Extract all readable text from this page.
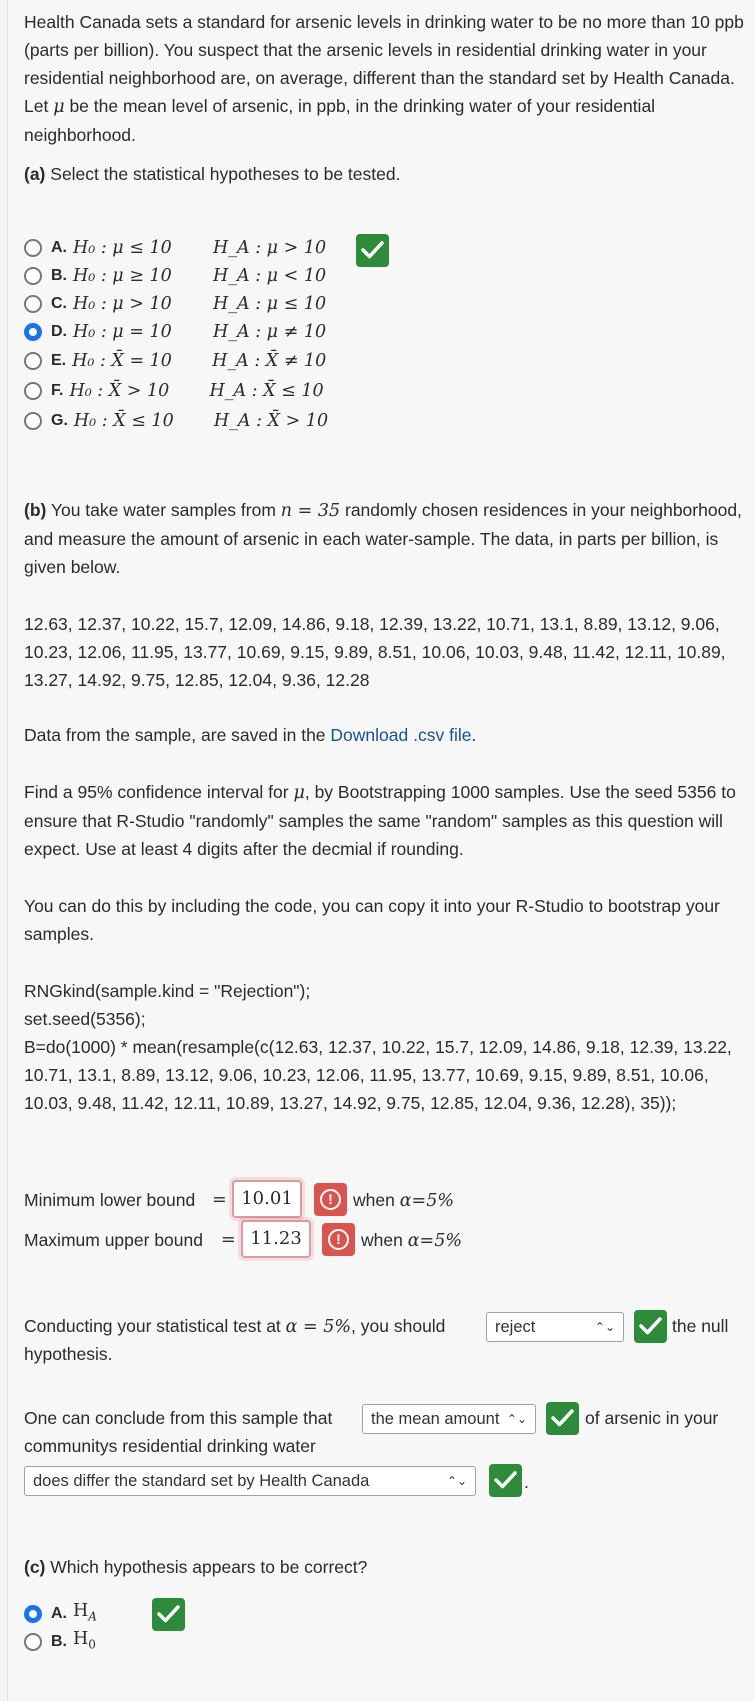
Health Canada sets a standard for arsenic levels in drinking water to be no more than 10 ppb (parts per billion). You suspect that the arsenic levels in residential drinking water in your residential neighborhood are, on average, different than the standard set by Health Canada. Let μ be the mean level of arsenic, in ppb, in the drinking water of your residential neighborhood.

(a) Select the statistical hypotheses to be tested.

A. H₀ : μ ≤ 10	H_A : μ > 10
B. H₀ : μ ≥ 10	H_A : μ < 10
C. H₀ : μ > 10	H_A : μ ≤ 10
D. H₀ : μ = 10	H_A : μ ≠ 10
E. H₀ : X̄ = 10	H_A : X̄ ≠ 10
F. H₀ : X̄ > 10	H_A : X̄ ≤ 10
G. H₀ : X̄ ≤ 10	H_A : X̄ > 10

(b) You take water samples from n = 35 randomly chosen residences in your neighborhood, and measure the amount of arsenic in each water-sample. The data, in parts per billion, is given below.

12.63, 12.37, 10.22, 15.7, 12.09, 14.86, 9.18, 12.39, 13.22, 10.71, 13.1, 8.89, 13.12, 9.06, 10.23, 12.06, 11.95, 13.77, 10.69, 9.15, 9.89, 8.51, 10.06, 10.03, 9.48, 11.42, 12.11, 10.89, 13.27, 14.92, 9.75, 12.85, 12.04, 9.36, 12.28

Data from the sample, are saved in the Download .csv file.

Find a 95% confidence interval for μ, by Bootstrapping 1000 samples. Use the seed 5356 to ensure that R-Studio "randomly" samples the same "random" samples as this question will expect. Use at least 4 digits after the decmial if rounding.

You can do this by including the code, you can copy it into your R-Studio to bootstrap your samples.

RNGkind(sample.kind = "Rejection");

set.seed(5356);

B=do(1000) * mean(resample(c(12.63, 12.37, 10.22, 15.7, 12.09, 14.86, 9.18, 12.39, 13.22, 10.71, 13.1, 8.89, 13.12, 9.06, 10.23, 12.06, 11.95, 13.77, 10.69, 9.15, 9.89, 8.51, 10.06, 10.03, 9.48, 11.42, 12.11, 10.89, 13.27, 14.92, 9.75, 12.85, 12.04, 9.36, 12.28), 35));

Minimum lower bound = 10.01	!	when α=5%
Maximum upper bound = 11.23	!	when α=5%
Conducting your statistical test at α = 5%, you should	reject	⌃⌄
	the null hypothesis.

One can conclude from this sample that	the mean amount ⌃⌄	of arsenic in your communitys residential drinking water

does differ the standard set by Health Canada	⌃⌄	.

(c) Which hypothesis appears to be correct?

A. $H_A$
B. $H_0$
